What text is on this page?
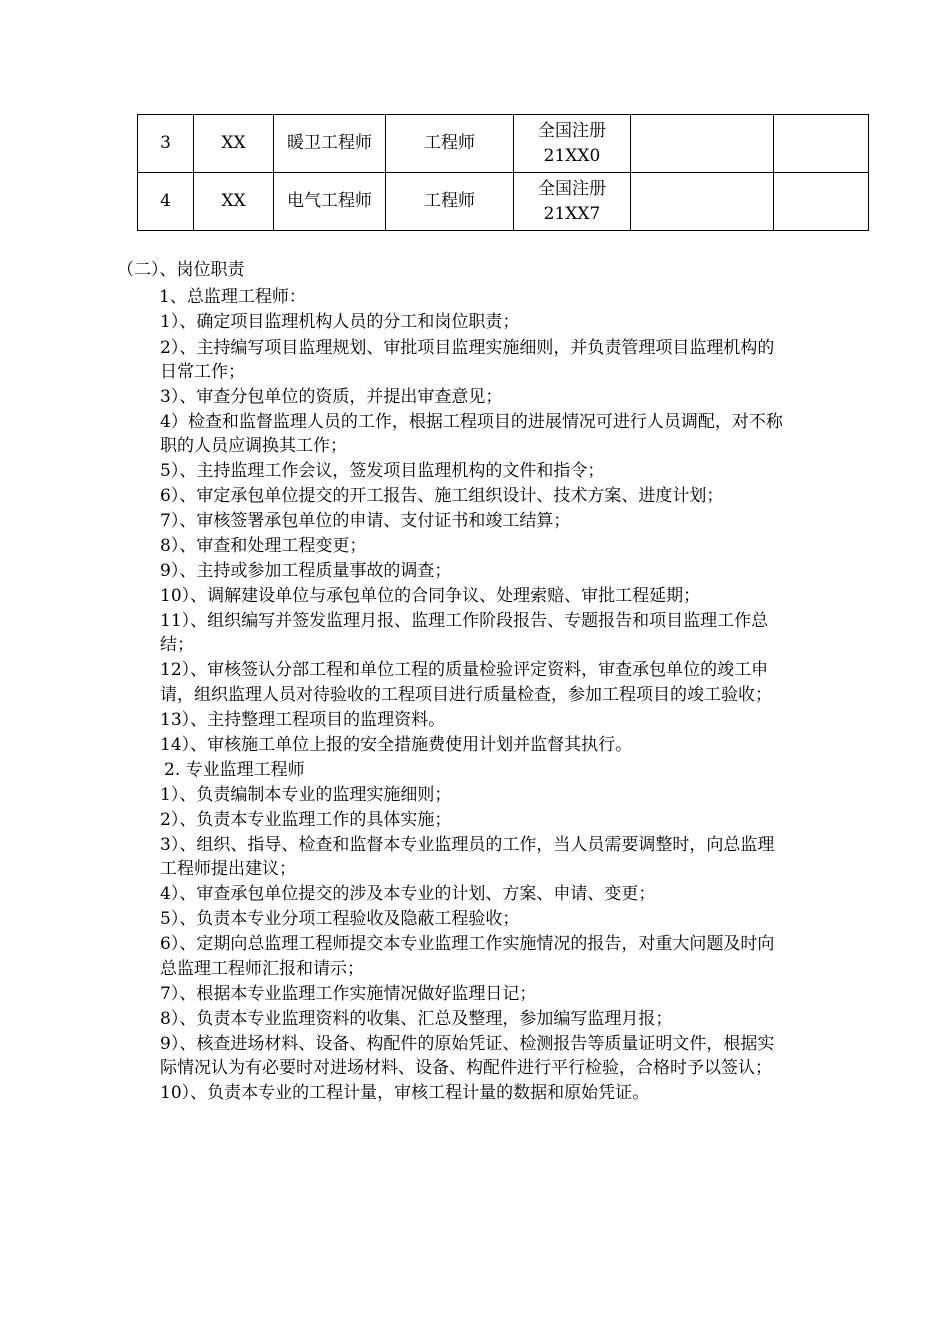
3	XX	暖卫工程师	工程师	全国注册
21XX0		

4	XX	电气工程师	工程师	全国注册
21XX7		

（二）、岗位职责
1、总监理工程师：
1）、确定项目监理机构人员的分工和岗位职责；
2）、主持编写项目监理规划、审批项目监理实施细则，并负责管理项目监理机构的
日常工作；
3）、审查分包单位的资质，并提出审查意见；
4）检查和监督监理人员的工作，根据工程项目的进展情况可进行人员调配，对不称
职的人员应调换其工作；
5）、主持监理工作会议，签发项目监理机构的文件和指令；
6）、审定承包单位提交的开工报告、施工组织设计、技术方案、进度计划；
7）、审核签署承包单位的申请、支付证书和竣工结算；
8）、审查和处理工程变更；
9）、主持或参加工程质量事故的调查；
10）、调解建设单位与承包单位的合同争议、处理索赔、审批工程延期；
11）、组织编写并签发监理月报、监理工作阶段报告、专题报告和项目监理工作总
结；
12）、审核签认分部工程和单位工程的质量检验评定资料，审查承包单位的竣工申
请，组织监理人员对待验收的工程项目进行质量检查，参加工程项目的竣工验收；
13）、主持整理工程项目的监理资料。
14）、审核施工单位上报的安全措施费使用计划并监督其执行。
2. 专业监理工程师
1）、负责编制本专业的监理实施细则；
2）、负责本专业监理工作的具体实施；
3）、组织、指导、检查和监督本专业监理员的工作，当人员需要调整时，向总监理
工程师提出建议；
4）、审查承包单位提交的涉及本专业的计划、方案、申请、变更；
5）、负责本专业分项工程验收及隐蔽工程验收；
6）、定期向总监理工程师提交本专业监理工作实施情况的报告，对重大问题及时向
总监理工程师汇报和请示；
7）、根据本专业监理工作实施情况做好监理日记；
8）、负责本专业监理资料的收集、汇总及整理，参加编写监理月报；
9）、核查进场材料、设备、构配件的原始凭证、检测报告等质量证明文件，根据实
际情况认为有必要时对进场材料、设备、构配件进行平行检验，合格时予以签认；
10）、负责本专业的工程计量，审核工程计量的数据和原始凭证。
